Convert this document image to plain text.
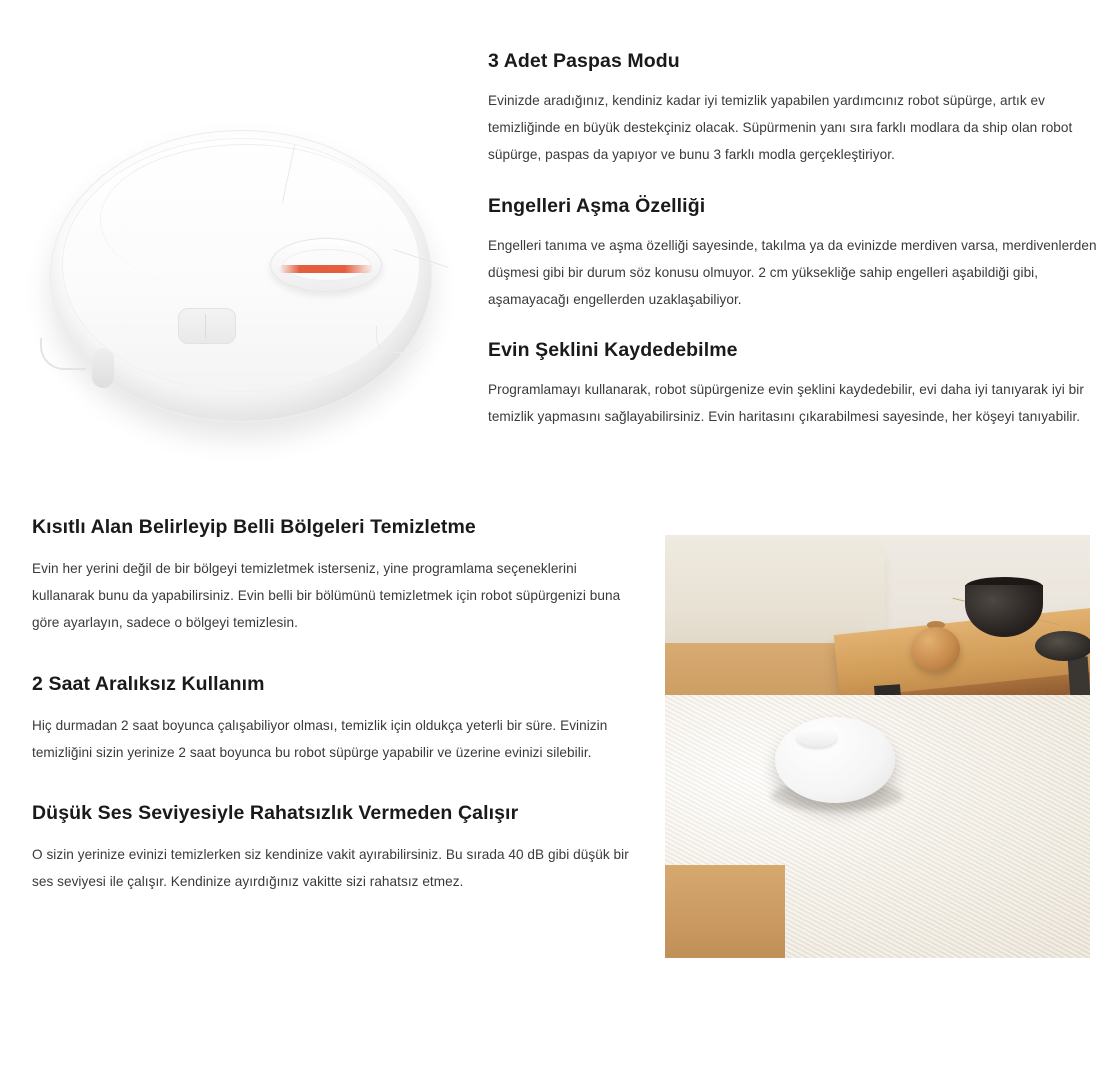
3 Adet Paspas Modu

Evinizde aradığınız, kendiniz kadar iyi temizlik yapabilen yardımcınız robot süpürge, artık ev temizliğinde en büyük destekçiniz olacak. Süpürmenin yanı sıra farklı modlara da ship olan robot süpürge, paspas da yapıyor ve bunu 3 farklı modla gerçekleştiriyor.

Engelleri Aşma Özelliği

Engelleri tanıma ve aşma özelliği sayesinde, takılma ya da evinizde merdiven varsa, merdivenlerden düşmesi gibi bir durum söz konusu olmuyor. 2 cm yüksekliğe sahip engelleri aşabildiği gibi, aşamayacağı engellerden uzaklaşabiliyor.

Evin Şeklini Kaydedebilme

Programlamayı kullanarak, robot süpürgenize evin şeklini kaydedebilir, evi daha iyi tanıyarak iyi bir temizlik yapmasını sağlayabilirsiniz. Evin haritasını çıkarabilmesi sayesinde, her köşeyi tanıyabilir.

Kısıtlı Alan Belirleyip Belli Bölgeleri Temizletme

Evin her yerini değil de bir bölgeyi temizletmek isterseniz, yine programlama seçeneklerini kullanarak bunu da yapabilirsiniz. Evin belli bir bölümünü temizletmek için robot süpürgenizi buna göre ayarlayın, sadece o bölgeyi temizlesin.

2 Saat Aralıksız Kullanım

Hiç durmadan 2 saat boyunca çalışabiliyor olması, temizlik için oldukça yeterli bir süre. Evinizin temizliğini sizin yerinize 2 saat boyunca bu robot süpürge yapabilir ve üzerine evinizi silebilir.

Düşük Ses Seviyesiyle Rahatsızlık Vermeden Çalışır

O sizin yerinize evinizi temizlerken siz kendinize vakit ayırabilirsiniz. Bu sırada 40 dB gibi düşük bir ses seviyesi ile çalışır. Kendinize ayırdığınız vakitte sizi rahatsız etmez.
